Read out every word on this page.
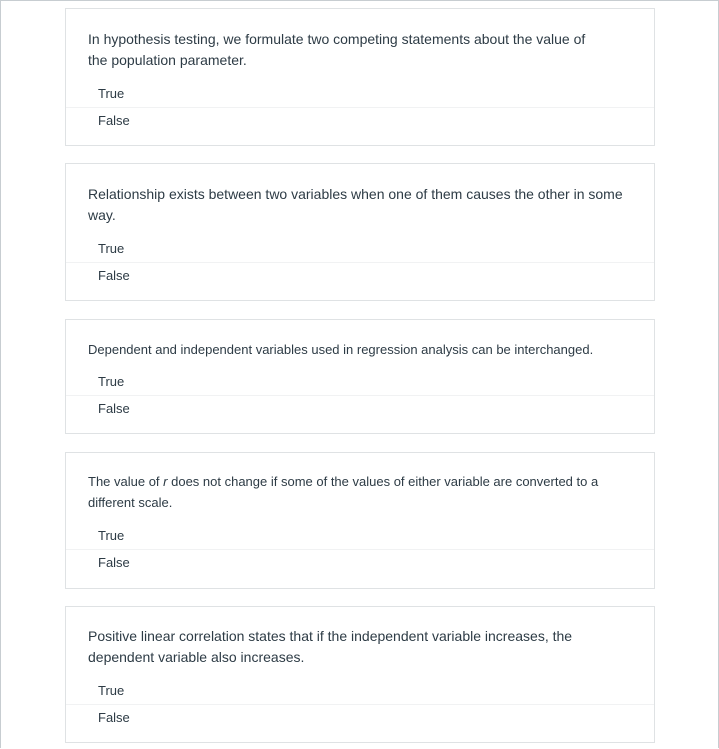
In hypothesis testing, we formulate two competing statements about the value of the population parameter.

True
False

Relationship exists between two variables when one of them causes the other in some way.

True
False

Dependent and independent variables used in regression analysis can be interchanged.

True
False

The value of r does not change if some of the values of either variable are converted to a different scale.

True
False

Positive linear correlation states that if the independent variable increases, the dependent variable also increases.

True
False
